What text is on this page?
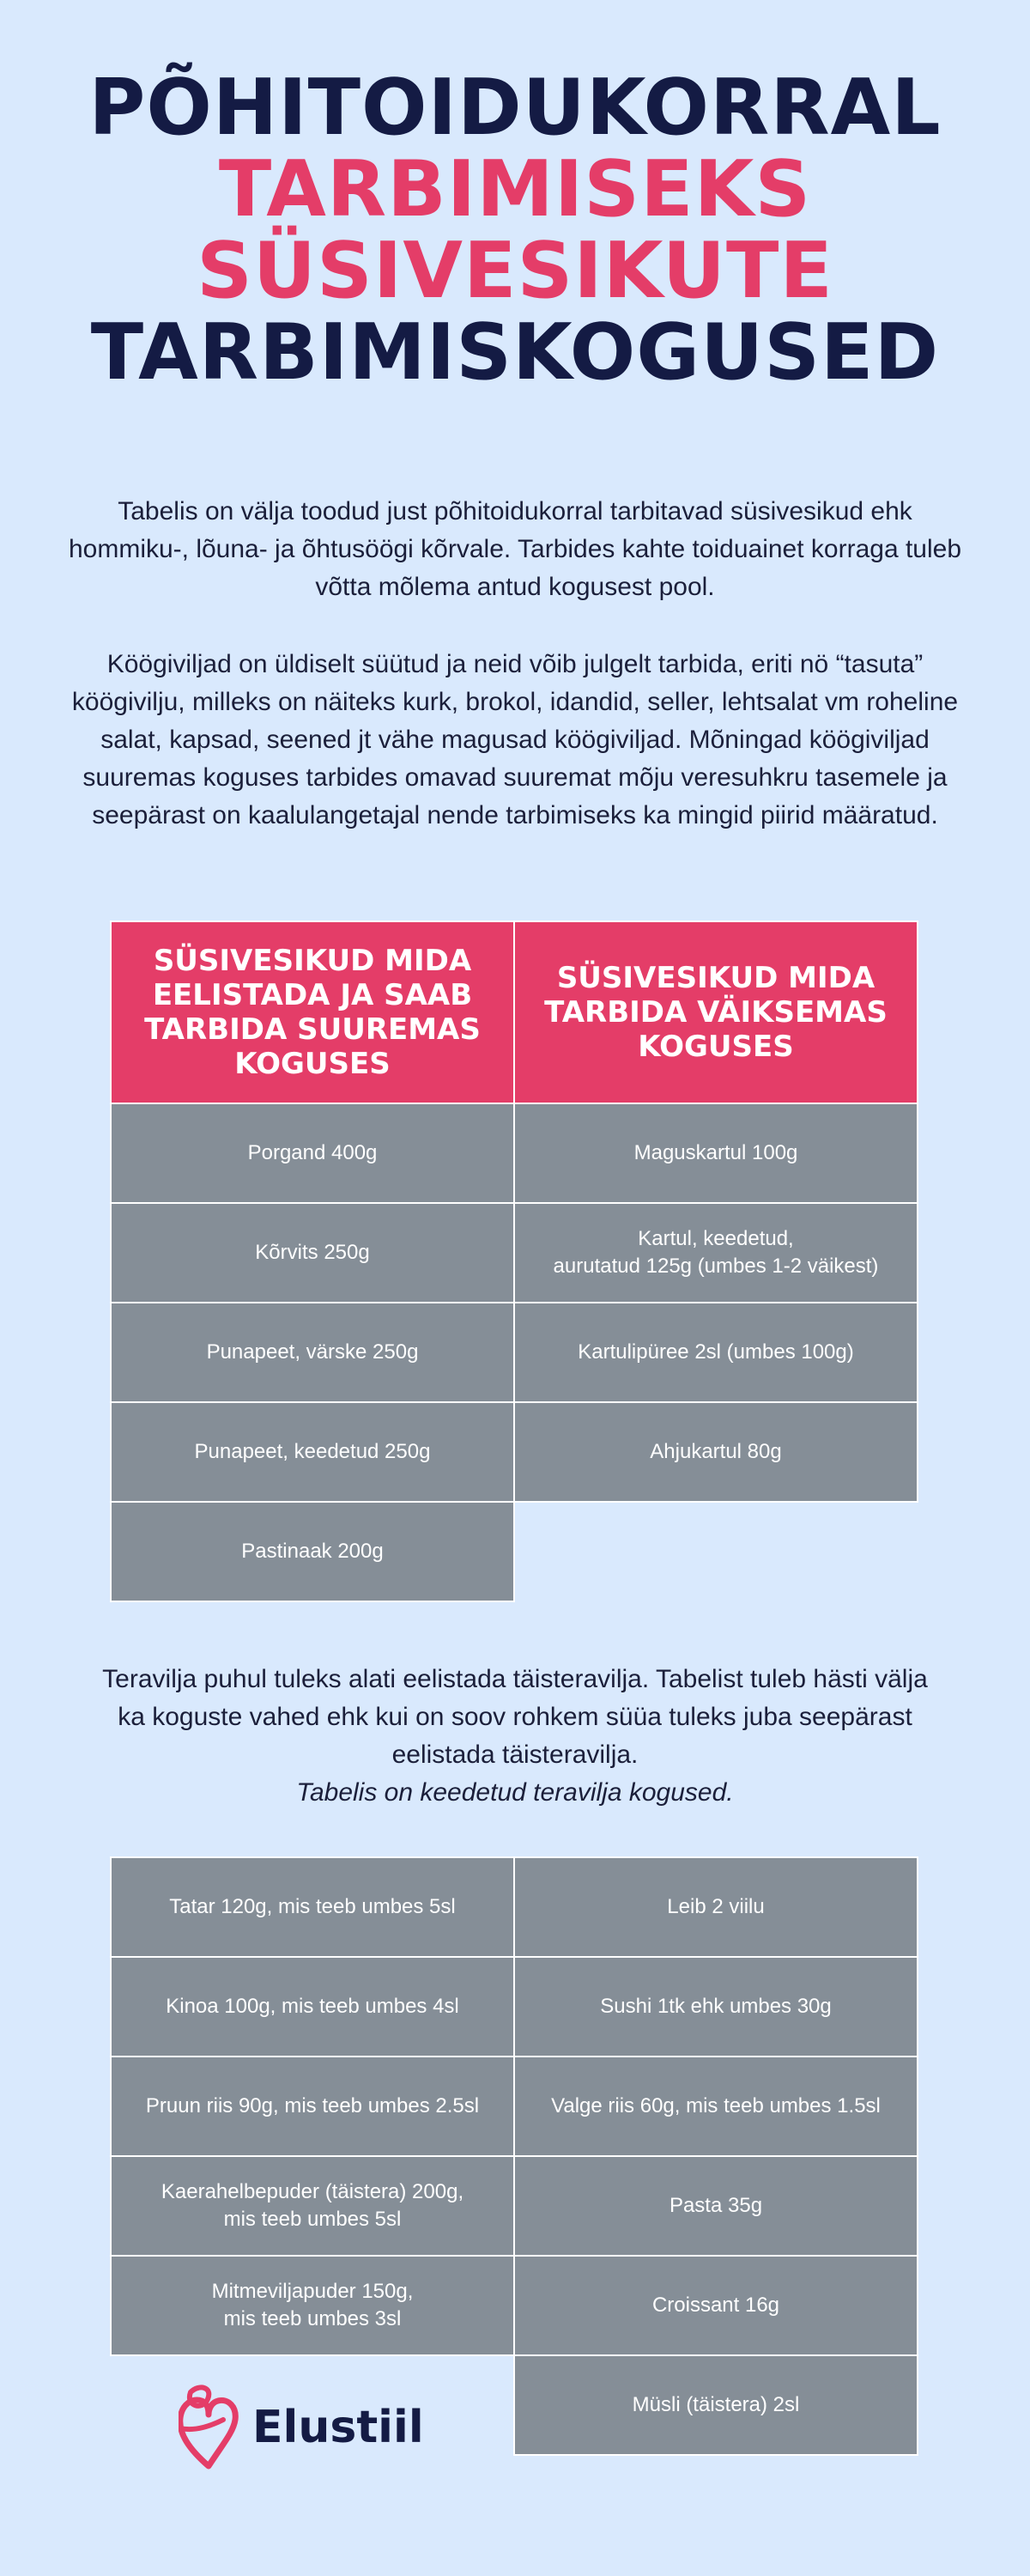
PÕHITOIDUKORRAL
TARBIMISEKS
SÜSIVESIKUTE
TARBIMISKOGUSED

Tabelis on välja toodud just põhitoidukorral tarbitavad süsivesikud ehk hommiku-, lõuna- ja õhtusöögi kõrvale. Tarbides kahte toiduainet korraga tuleb võtta mõlema antud kogusest pool.

Köögiviljad on üldiselt süütud ja neid võib julgelt tarbida, eriti nö “tasuta” köögivilju, milleks on näiteks kurk, brokol, idandid, seller, lehtsalat vm roheline salat, kapsad, seened jt vähe magusad köögiviljad. Mõningad köögiviljad suuremas koguses tarbides omavad suuremat mõju veresuhkru tasemele ja seepärast on kaalulangetajal nende tarbimiseks ka mingid piirid määratud.

SÜSIVESIKUD MIDA EELISTADA JA SAAB TARBIDA SUUREMAS KOGUSES
SÜSIVESIKUD MIDA TARBIDA VÄIKSEMAS KOGUSES
Porgand 400g
Kõrvits 250g
Punapeet, värske 250g
Punapeet, keedetud 250g
Pastinaak 200g
Maguskartul 100g
Kartul, keedetud,
aurutatud 125g (umbes 1-2 väikest)
Kartulipüree 2sl (umbes 100g)
Ahjukartul 80g
Teravilja puhul tuleks alati eelistada täisteravilja. Tabelist tuleb hästi välja ka koguste vahed ehk kui on soov rohkem süüa tuleks juba seepärast eelistada täisteravilja.
Tabelis on keedetud teravilja kogused.
Tatar 120g, mis teeb umbes 5sl
Kinoa 100g, mis teeb umbes 4sl
Pruun riis 90g, mis teeb umbes 2.5sl
Kaerahelbepuder (täistera) 200g,
mis teeb umbes 5sl
Mitmeviljapuder 150g,
mis teeb umbes 3sl
Leib 2 viilu
Sushi 1tk ehk umbes 30g
Valge riis 60g, mis teeb umbes 1.5sl
Pasta 35g
Croissant 16g
Müsli (täistera) 2sl
Elustiil
